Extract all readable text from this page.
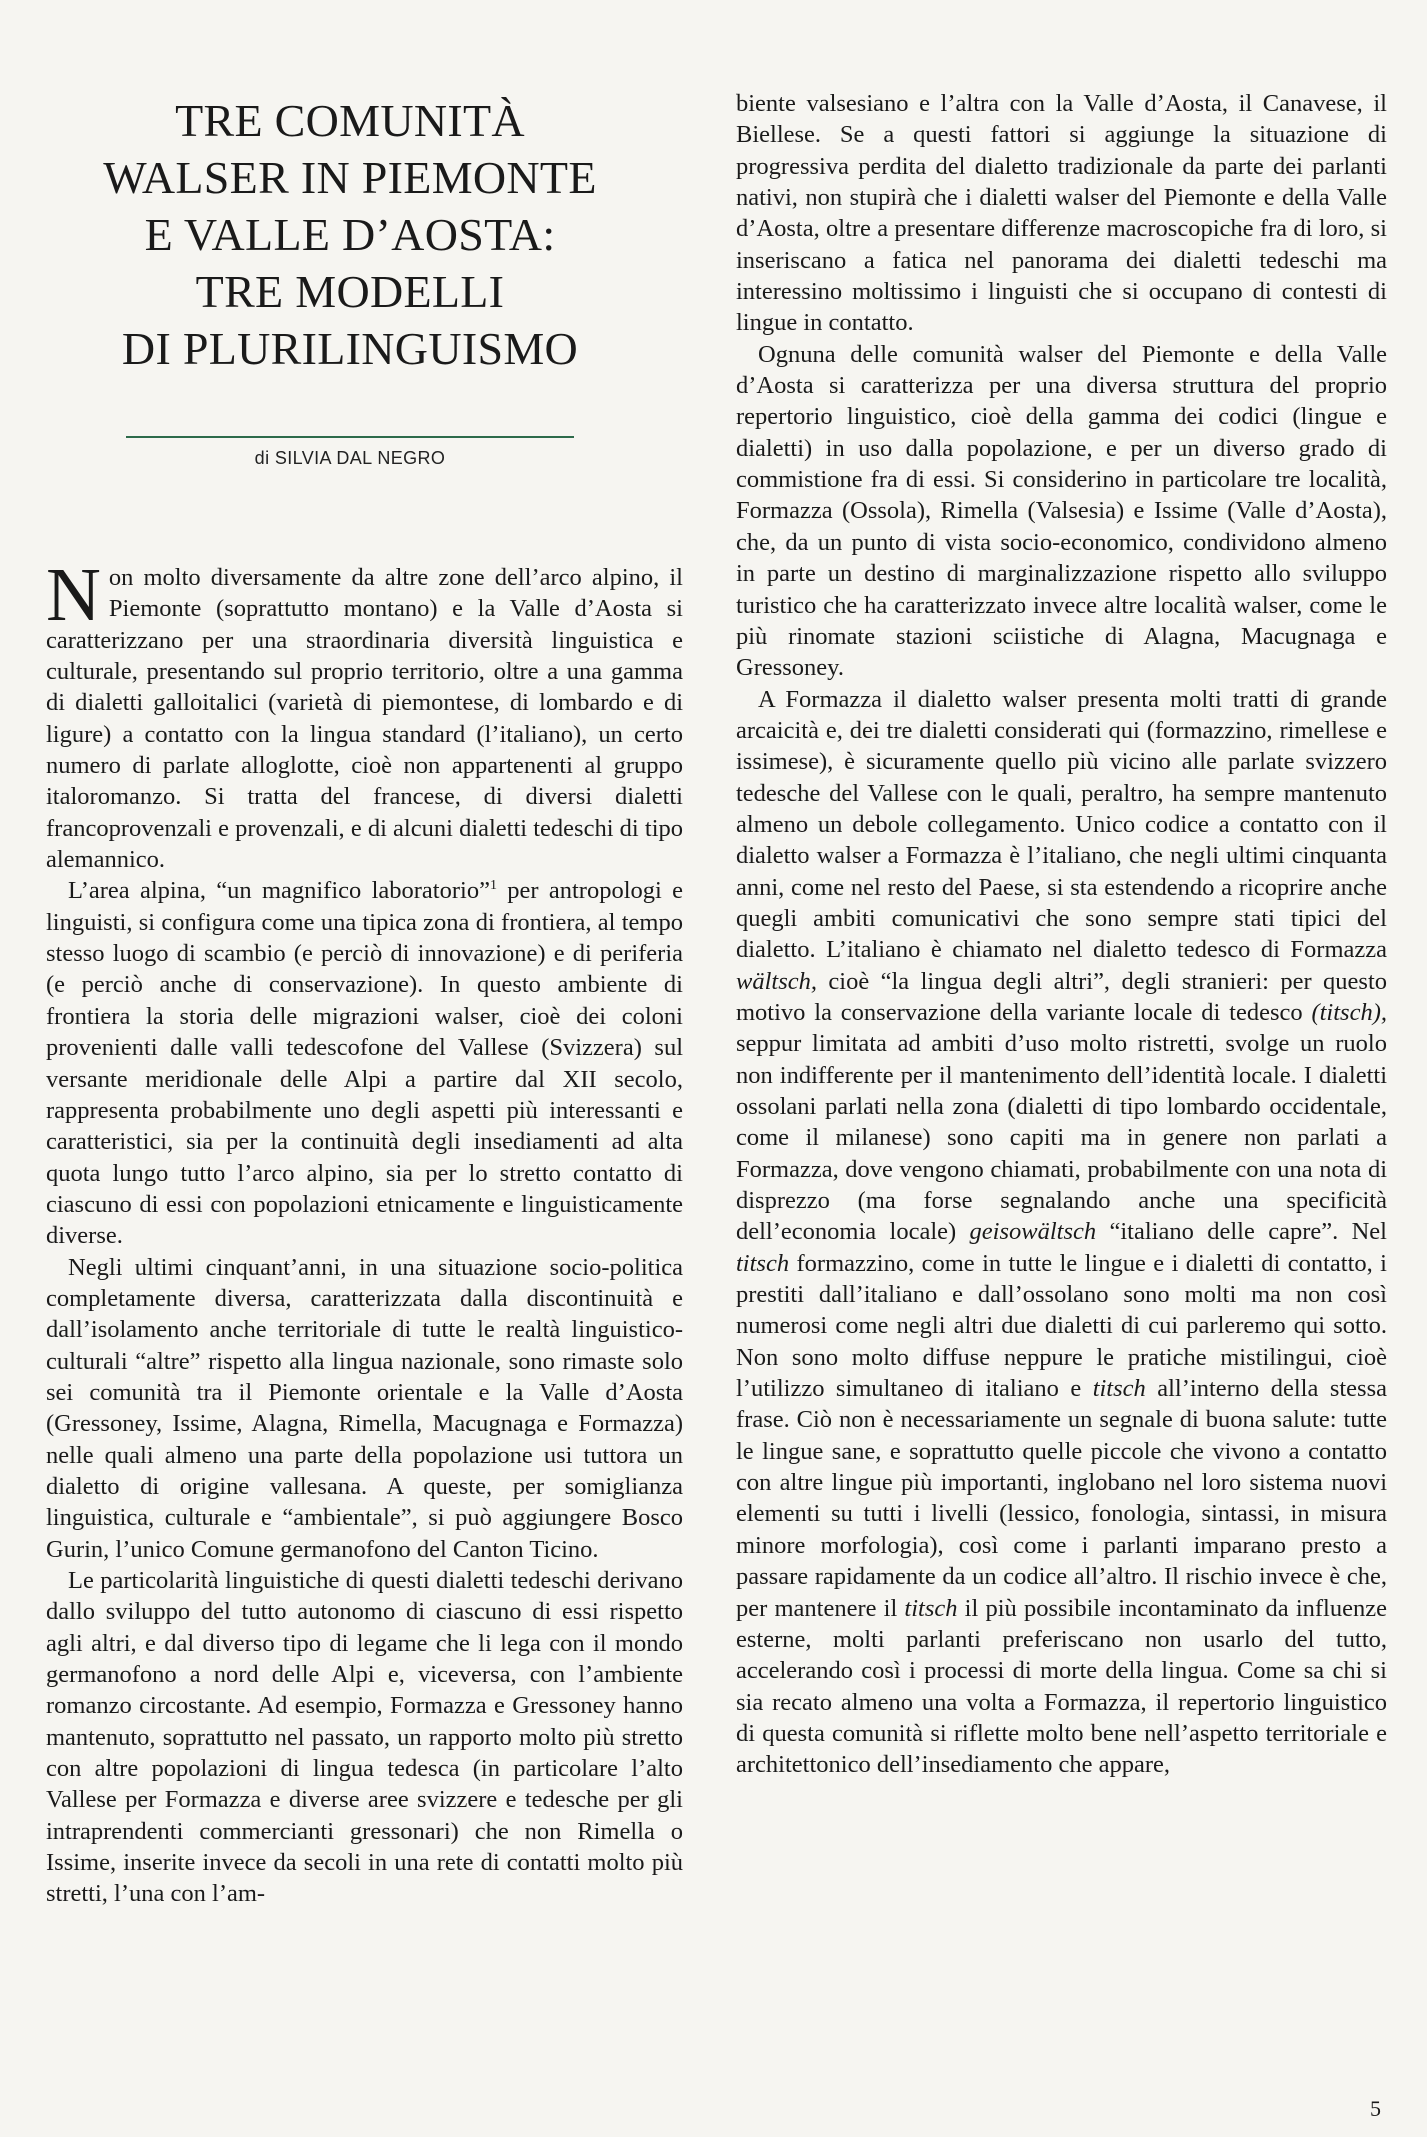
TRE COMUNITÀ
WALSER IN PIEMONTE
E VALLE D’AOSTA:
TRE MODELLI
DI PLURILINGUISMO
di SILVIA DAL NEGRO

Non molto diversamente da altre zone dell’arco alpino, il Piemonte (soprattutto montano) e la Valle d’Aosta si caratterizzano per una straordinaria diversità linguistica e culturale, presentando sul proprio territorio, oltre a una gamma di dialetti galloitalici (varietà di piemontese, di lombardo e di ligure) a contatto con la lingua standard (l’italiano), un certo numero di parlate alloglotte, cioè non appartenenti al gruppo italoromanzo. Si tratta del francese, di diversi dialetti francoprovenzali e provenzali, e di alcuni dialetti tedeschi di tipo alemannico.

L’area alpina, “un magnifico laboratorio”$^1$ per antropologi e linguisti, si configura come una tipica zona di frontiera, al tempo stesso luogo di scambio (e perciò di innovazione) e di periferia (e perciò anche di conservazione). In questo ambiente di frontiera la storia delle migrazioni walser, cioè dei coloni provenienti dalle valli tedescofone del Vallese (Svizzera) sul versante meridionale delle Alpi a partire dal XII secolo, rappresenta probabilmente uno degli aspetti più interessanti e caratteristici, sia per la continuità degli insediamenti ad alta quota lungo tutto l’arco alpino, sia per lo stretto contatto di ciascuno di essi con popolazioni etnicamente e linguisticamente diverse.

Negli ultimi cinquant’anni, in una situazione socio-politica completamente diversa, caratterizzata dalla discontinuità e dall’isolamento anche territoriale di tutte le realtà linguistico-culturali “altre” rispetto alla lingua nazionale, sono rimaste solo sei comunità tra il Piemonte orientale e la Valle d’Aosta (Gressoney, Issime, Alagna, Rimella, Macugnaga e Formazza) nelle quali almeno una parte della popolazione usi tuttora un dialetto di origine vallesana. A queste, per somiglianza linguistica, culturale e “ambientale”, si può aggiungere Bosco Gurin, l’unico Comune germanofono del Canton Ticino.

Le particolarità linguistiche di questi dialetti tedeschi derivano dallo sviluppo del tutto autonomo di ciascuno di essi rispetto agli altri, e dal diverso tipo di legame che li lega con il mondo germanofono a nord delle Alpi e, viceversa, con l’ambiente romanzo circostante. Ad esempio, Formazza e Gressoney hanno mantenuto, soprattutto nel passato, un rapporto molto più stretto con altre popolazioni di lingua tedesca (in particolare l’alto Vallese per Formazza e diverse aree svizzere e tedesche per gli intraprendenti commercianti gressonari) che non Rimella o Issime, inserite invece da secoli in una rete di contatti molto più stretti, l’una con l’am-

biente valsesiano e l’altra con la Valle d’Aosta, il Canavese, il Biellese. Se a questi fattori si aggiunge la situazione di progressiva perdita del dialetto tradizionale da parte dei parlanti nativi, non stupirà che i dialetti walser del Piemonte e della Valle d’Aosta, oltre a presentare differenze macroscopiche fra di loro, si inseriscano a fatica nel panorama dei dialetti tedeschi ma interessino moltissimo i linguisti che si occupano di contesti di lingue in contatto.

Ognuna delle comunità walser del Piemonte e della Valle d’Aosta si caratterizza per una diversa struttura del proprio repertorio linguistico, cioè della gamma dei codici (lingue e dialetti) in uso dalla popolazione, e per un diverso grado di commistione fra di essi. Si considerino in particolare tre località, Formazza (Ossola), Rimella (Valsesia) e Issime (Valle d’Aosta), che, da un punto di vista socio-economico, condividono almeno in parte un destino di marginalizzazione rispetto allo sviluppo turistico che ha caratterizzato invece altre località walser, come le più rinomate stazioni sciistiche di Alagna, Macugnaga e Gressoney.

A Formazza il dialetto walser presenta molti tratti di grande arcaicità e, dei tre dialetti considerati qui (formazzino, rimellese e issimese), è sicuramente quello più vicino alle parlate svizzero tedesche del Vallese con le quali, peraltro, ha sempre mantenuto almeno un debole collegamento. Unico codice a contatto con il dialetto walser a Formazza è l’italiano, che negli ultimi cinquanta anni, come nel resto del Paese, si sta estendendo a ricoprire anche quegli ambiti comunicativi che sono sempre stati tipici del dialetto. L’italiano è chiamato nel dialetto tedesco di Formazza wältsch, cioè “la lingua degli altri”, degli stranieri: per questo motivo la conservazione della variante locale di tedesco (titsch), seppur limitata ad ambiti d’uso molto ristretti, svolge un ruolo non indifferente per il mantenimento dell’identità locale. I dialetti ossolani parlati nella zona (dialetti di tipo lombardo occidentale, come il milanese) sono capiti ma in genere non parlati a Formazza, dove vengono chiamati, probabilmente con una nota di disprezzo (ma forse segnalando anche una specificità dell’economia locale) geisowältsch “italiano delle capre”. Nel titsch formazzino, come in tutte le lingue e i dialetti di contatto, i prestiti dall’italiano e dall’ossolano sono molti ma non così numerosi come negli altri due dialetti di cui parleremo qui sotto. Non sono molto diffuse neppure le pratiche mistilingui, cioè l’utilizzo simultaneo di italiano e titsch all’interno della stessa frase. Ciò non è necessariamente un segnale di buona salute: tutte le lingue sane, e soprattutto quelle piccole che vivono a contatto con altre lingue più importanti, inglobano nel loro sistema nuovi elementi su tutti i livelli (lessico, fonologia, sintassi, in misura minore morfologia), così come i parlanti imparano presto a passare rapidamente da un codice all’altro. Il rischio invece è che, per mantenere il titsch il più possibile incontaminato da influenze esterne, molti parlanti preferiscano non usarlo del tutto, accelerando così i processi di morte della lingua. Come sa chi si sia recato almeno una volta a Formazza, il repertorio linguistico di questa comunità si riflette molto bene nell’aspetto territoriale e architettonico dell’insediamento che appare,

5
